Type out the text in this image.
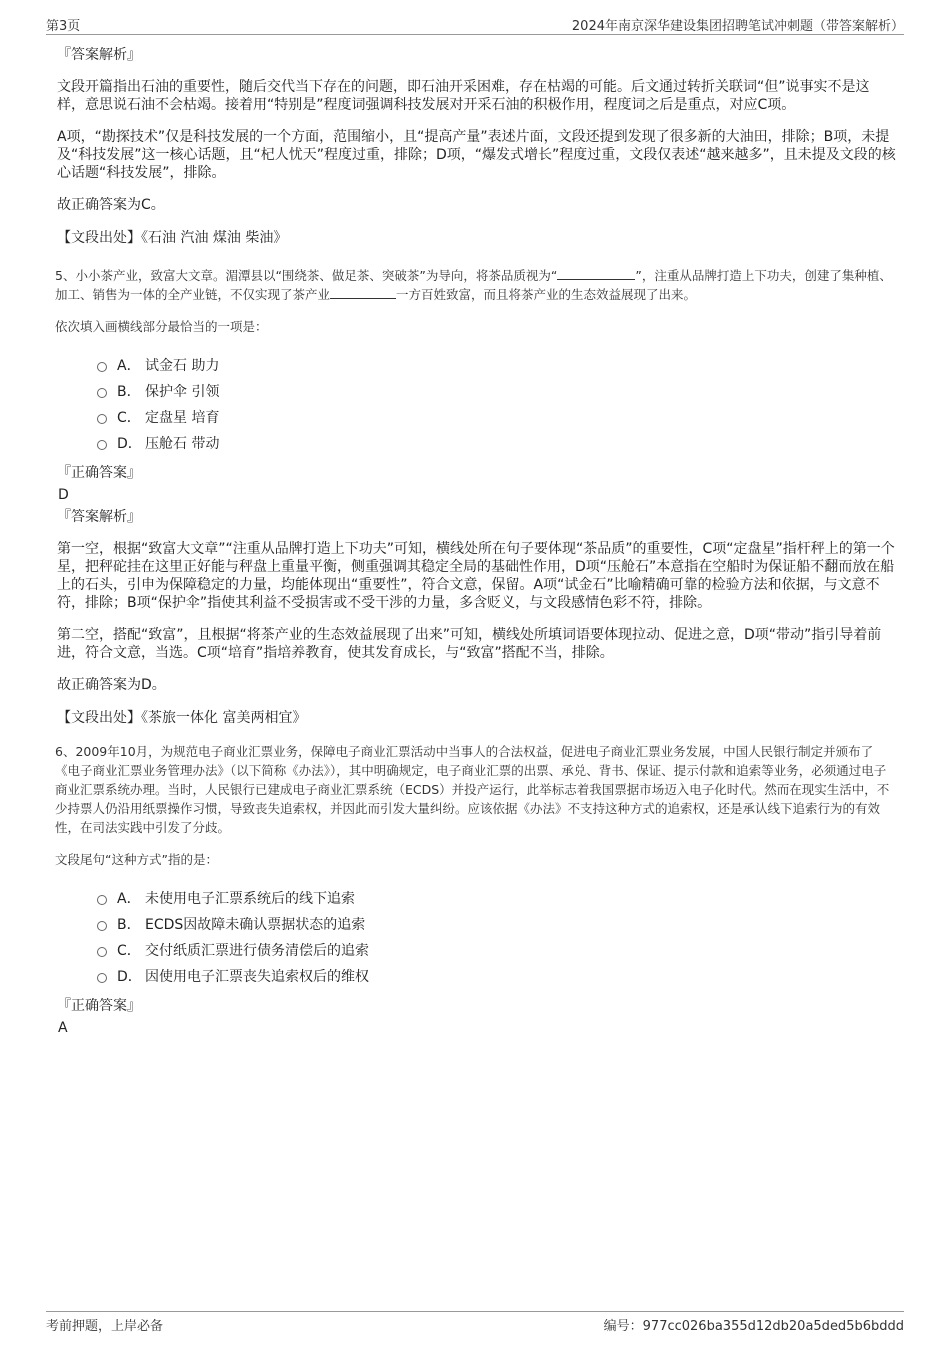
第3页	2024年南京深华建设集团招聘笔试冲刺题（带答案解析）
『答案解析』

文段开篇指出石油的重要性，随后交代当下存在的问题，即石油开采困难，存在枯竭的可能。后文通过转折关联词“但”说事实不是这样，意思说石油不会枯竭。接着用“特别是”程度词强调科技发展对开采石油的积极作用，程度词之后是重点，对应C项。

A项，“勘探技术”仅是科技发展的一个方面，范围缩小，且“提高产量”表述片面，文段还提到发现了很多新的大油田，排除；B项，未提及“科技发展”这一核心话题，且“杞人忧天”程度过重，排除；D项，“爆发式增长”程度过重，文段仅表述“越来越多”，且未提及文段的核心话题“科技发展”，排除。

故正确答案为C。

【文段出处】《石油 汽油 煤油 柴油》

5、小小茶产业，致富大文章。湄潭县以“围绕茶、做足茶、突破茶”为导向，将茶品质视为“	”，注重从品牌打造上下功夫，创建了集种植、加工、销售为一体的全产业链，不仅实现了茶产业	一方百姓致富，而且将茶产业的生态效益展现了出来。

依次填入画横线部分最恰当的一项是：

A． 试金石 助力
B． 保护伞 引领
C． 定盘星 培育
D． 压舱石 带动
『正确答案』
D
『答案解析』

第一空，根据“致富大文章”“注重从品牌打造上下功夫”可知，横线处所在句子要体现“茶品质”的重要性，C项“定盘星”指杆秤上的第一个星，把秤砣挂在这里正好能与秤盘上重量平衡，侧重强调其稳定全局的基础性作用，D项“压舱石”本意指在空船时为保证船不翻而放在船上的石头，引申为保障稳定的力量，均能体现出“重要性”，符合文意，保留。A项“试金石”比喻精确可靠的检验方法和依据，与文意不符，排除；B项“保护伞”指使其利益不受损害或不受干涉的力量，多含贬义，与文段感情色彩不符，排除。

第二空，搭配“致富”，且根据“将茶产业的生态效益展现了出来”可知，横线处所填词语要体现拉动、促进之意，D项“带动”指引导着前进，符合文意，当选。C项“培育”指培养教育，使其发育成长，与“致富”搭配不当，排除。

故正确答案为D。

【文段出处】《茶旅一体化 富美两相宜》

6、2009年10月，为规范电子商业汇票业务，保障电子商业汇票活动中当事人的合法权益，促进电子商业汇票业务发展，中国人民银行制定并颁布了《电子商业汇票业务管理办法》（以下简称《办法》），其中明确规定，电子商业汇票的出票、承兑、背书、保证、提示付款和追索等业务，必须通过电子商业汇票系统办理。当时，人民银行已建成电子商业汇票系统（ECDS）并投产运行，此举标志着我国票据市场迈入电子化时代。然而在现实生活中，不少持票人仍沿用纸票操作习惯，导致丧失追索权，并因此而引发大量纠纷。应该依据《办法》不支持这种方式的追索权，还是承认线下追索行为的有效性，在司法实践中引发了分歧。

文段尾句“这种方式”指的是：

A． 未使用电子汇票系统后的线下追索
B． ECDS因故障未确认票据状态的追索
C． 交付纸质汇票进行债务清偿后的追索
D． 因使用电子汇票丧失追索权后的维权
『正确答案』
A
考前押题，上岸必备	编号：977cc026ba355d12db20a5ded5b6bddd
